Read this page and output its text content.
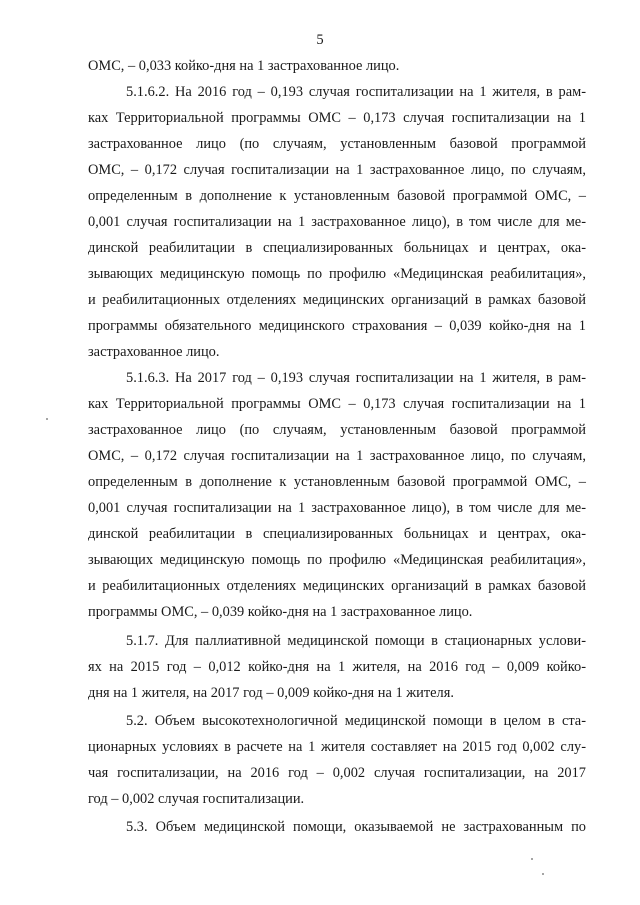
5
ОМС, – 0,033 койко-дня на 1 застрахованное лицо.
5.1.6.2. На 2016 год – 0,193 случая госпитализации на 1 жителя, в рам-
ках Территориальной программы ОМС – 0,173 случая госпитализации на 1
застрахованное лицо (по случаям, установленным базовой программой
ОМС, – 0,172 случая госпитализации на 1 застрахованное лицо, по случаям,
определенным в дополнение к установленным базовой программой ОМС, –
0,001 случая госпитализации на 1 застрахованное лицо), в том числе для ме-
динской реабилитации в специализированных больницах и центрах, ока-
зывающих медицинскую помощь по профилю «Медицинская реабилитация»,
и реабилитационных отделениях медицинских организаций в рамках базовой
программы обязательного медицинского страхования – 0,039 койко-дня на 1
застрахованное лицо.
5.1.6.3. На 2017 год – 0,193 случая госпитализации на 1 жителя, в рам-
ках Территориальной программы ОМС – 0,173 случая госпитализации на 1
застрахованное лицо (по случаям, установленным базовой программой
ОМС, – 0,172 случая госпитализации на 1 застрахованное лицо, по случаям,
определенным в дополнение к установленным базовой программой ОМС, –
0,001 случая госпитализации на 1 застрахованное лицо), в том числе для ме-
динской реабилитации в специализированных больницах и центрах, ока-
зывающих медицинскую помощь по профилю «Медицинская реабилитация»,
и реабилитационных отделениях медицинских организаций в рамках базовой
программы ОМС, – 0,039 койко-дня на 1 застрахованное лицо.
5.1.7. Для паллиативной медицинской помощи в стационарных услови-
ях на 2015 год – 0,012 койко-дня на 1 жителя, на 2016 год – 0,009 койко-
дня на 1 жителя, на 2017 год – 0,009 койко-дня на 1 жителя.
5.2. Объем высокотехнологичной медицинской помощи в целом в ста-
ционарных условиях в расчете на 1 жителя составляет на 2015 год 0,002 слу-
чая госпитализации, на 2016 год – 0,002 случая госпитализации, на 2017
год – 0,002 случая госпитализации.
5.3. Объем медицинской помощи, оказываемой не застрахованным по
